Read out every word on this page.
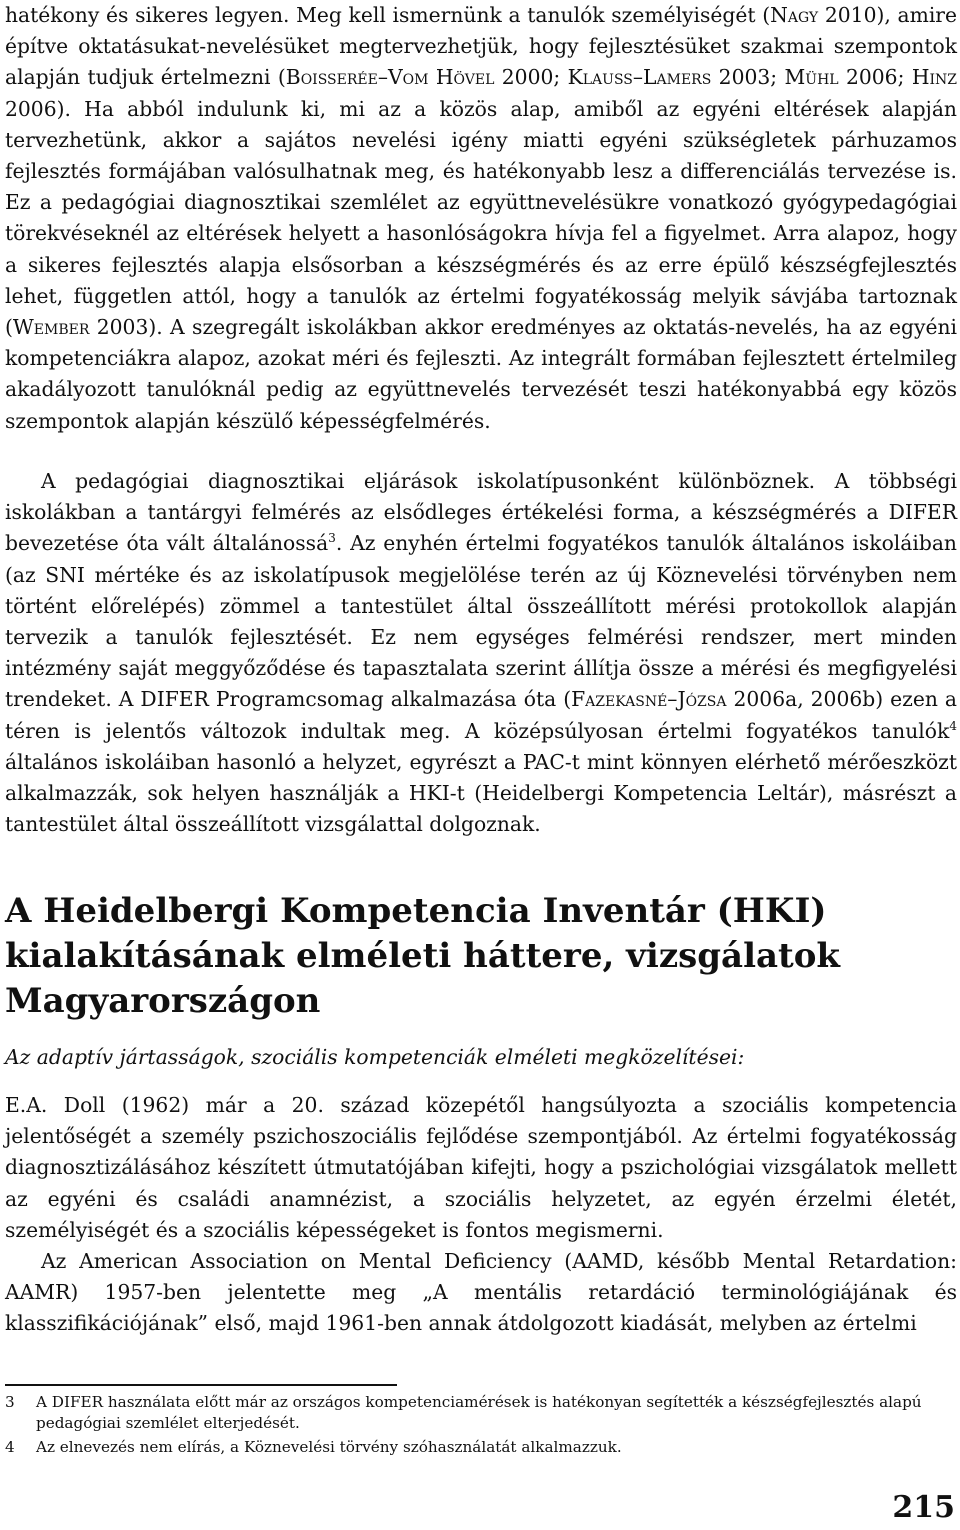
hatékony és sikeres legyen. Meg kell ismernünk a tanulók személyiségét (Nagy 2010), amire építve oktatásukat-nevelésüket megtervezhetjük, hogy fejlesztésüket szakmai szempontok alapján tudjuk értelmezni (Boisserée–Vom Hövel 2000; Klauß–Lamers 2003; Mühl 2006; Hinz 2006). Ha abból indulunk ki, mi az a közös alap, amiből az egyéni eltérések alapján tervezhetünk, akkor a sajátos nevelési igény miatti egyéni szükségletek párhuzamos fejlesztés formájában valósulhatnak meg, és hatékonyabb lesz a differenciálás tervezése is. Ez a pedagógiai diagnosztikai szemlélet az együttnevelésükre vonatkozó gyógypedagógiai törekvéseknél az eltérések helyett a hasonlóságokra hívja fel a figyelmet. Arra alapoz, hogy a sikeres fejlesztés alapja elsősorban a készségmérés és az erre épülő készségfejlesztés lehet, független attól, hogy a tanulók az értelmi fogyatékosság melyik sávjába tartoznak (Wember 2003). A szegregált iskolákban akkor eredményes az oktatás-nevelés, ha az egyéni kompetenciákra alapoz, azokat méri és fejleszti. Az integrált formában fejlesztett értelmileg akadályozott tanulóknál pedig az együttnevelés tervezését teszi hatékonyabbá egy közös szempontok alapján készülő képességfelmérés.

A pedagógiai diagnosztikai eljárások iskolatípusonként különböznek. A többségi iskolákban a tantárgyi felmérés az elsődleges értékelési forma, a készségmérés a DIFER bevezetése óta vált általánossá$^3$. Az enyhén értelmi fogyatékos tanulók általános iskoláiban (az SNI mértéke és az iskolatípusok megjelölése terén az új Köznevelési törvényben nem történt előrelépés) zömmel a tantestület által összeállított mérési protokollok alapján tervezik a tanulók fejlesztését. Ez nem egységes felmérési rendszer, mert minden intézmény saját meggyőződése és tapasztalata szerint állítja össze a mérési és megfigyelési trendeket. A DIFER Programcsomag alkalmazása óta (Fazekasné–Józsa 2006a, 2006b) ezen a téren is jelentős változok indultak meg. A középsúlyosan értelmi fogyatékos tanulók$^4$ általános iskoláiban hasonló a helyzet, egyrészt a PAC-t mint könnyen elérhető mérőeszközt alkalmazzák, sok helyen használják a HKI-t (Heidelbergi Kompetencia Leltár), másrészt a tantestület által összeállított vizsgálattal dolgoznak.

A Heidelbergi Kompetencia Inventár (HKI) kialakításának elméleti háttere, vizsgálatok Magyarországon

Az adaptív jártasságok, szociális kompetenciák elméleti megközelítései:

E.A. Doll (1962) már a 20. század közepétől hangsúlyozta a szociális kompetencia jelentőségét a személy pszichoszociális fejlődése szempontjából. Az értelmi fogyatékosság diagnosztizálásához készített útmutatójában kifejti, hogy a pszichológiai vizsgálatok mellett az egyéni és családi anamnézist, a szociális helyzetet, az egyén érzelmi életét, személyiségét és a szociális képességeket is fontos megismerni.

Az American Association on Mental Deficiency (AAMD, később Mental Retardation: AAMR) 1957-ben jelentette meg „A mentális retardáció terminológiájának és klasszifikációjának” első, majd 1961-ben annak átdolgozott kiadását, melyben az értelmi

3 A DIFER használata előtt már az országos kompetenciamérések is hatékonyan segítették a készségfejlesztés alapú pedagógiai szemlélet elterjedését.
4 Az elnevezés nem elírás, a Köznevelési törvény szóhasználatát alkalmazzuk.
215
